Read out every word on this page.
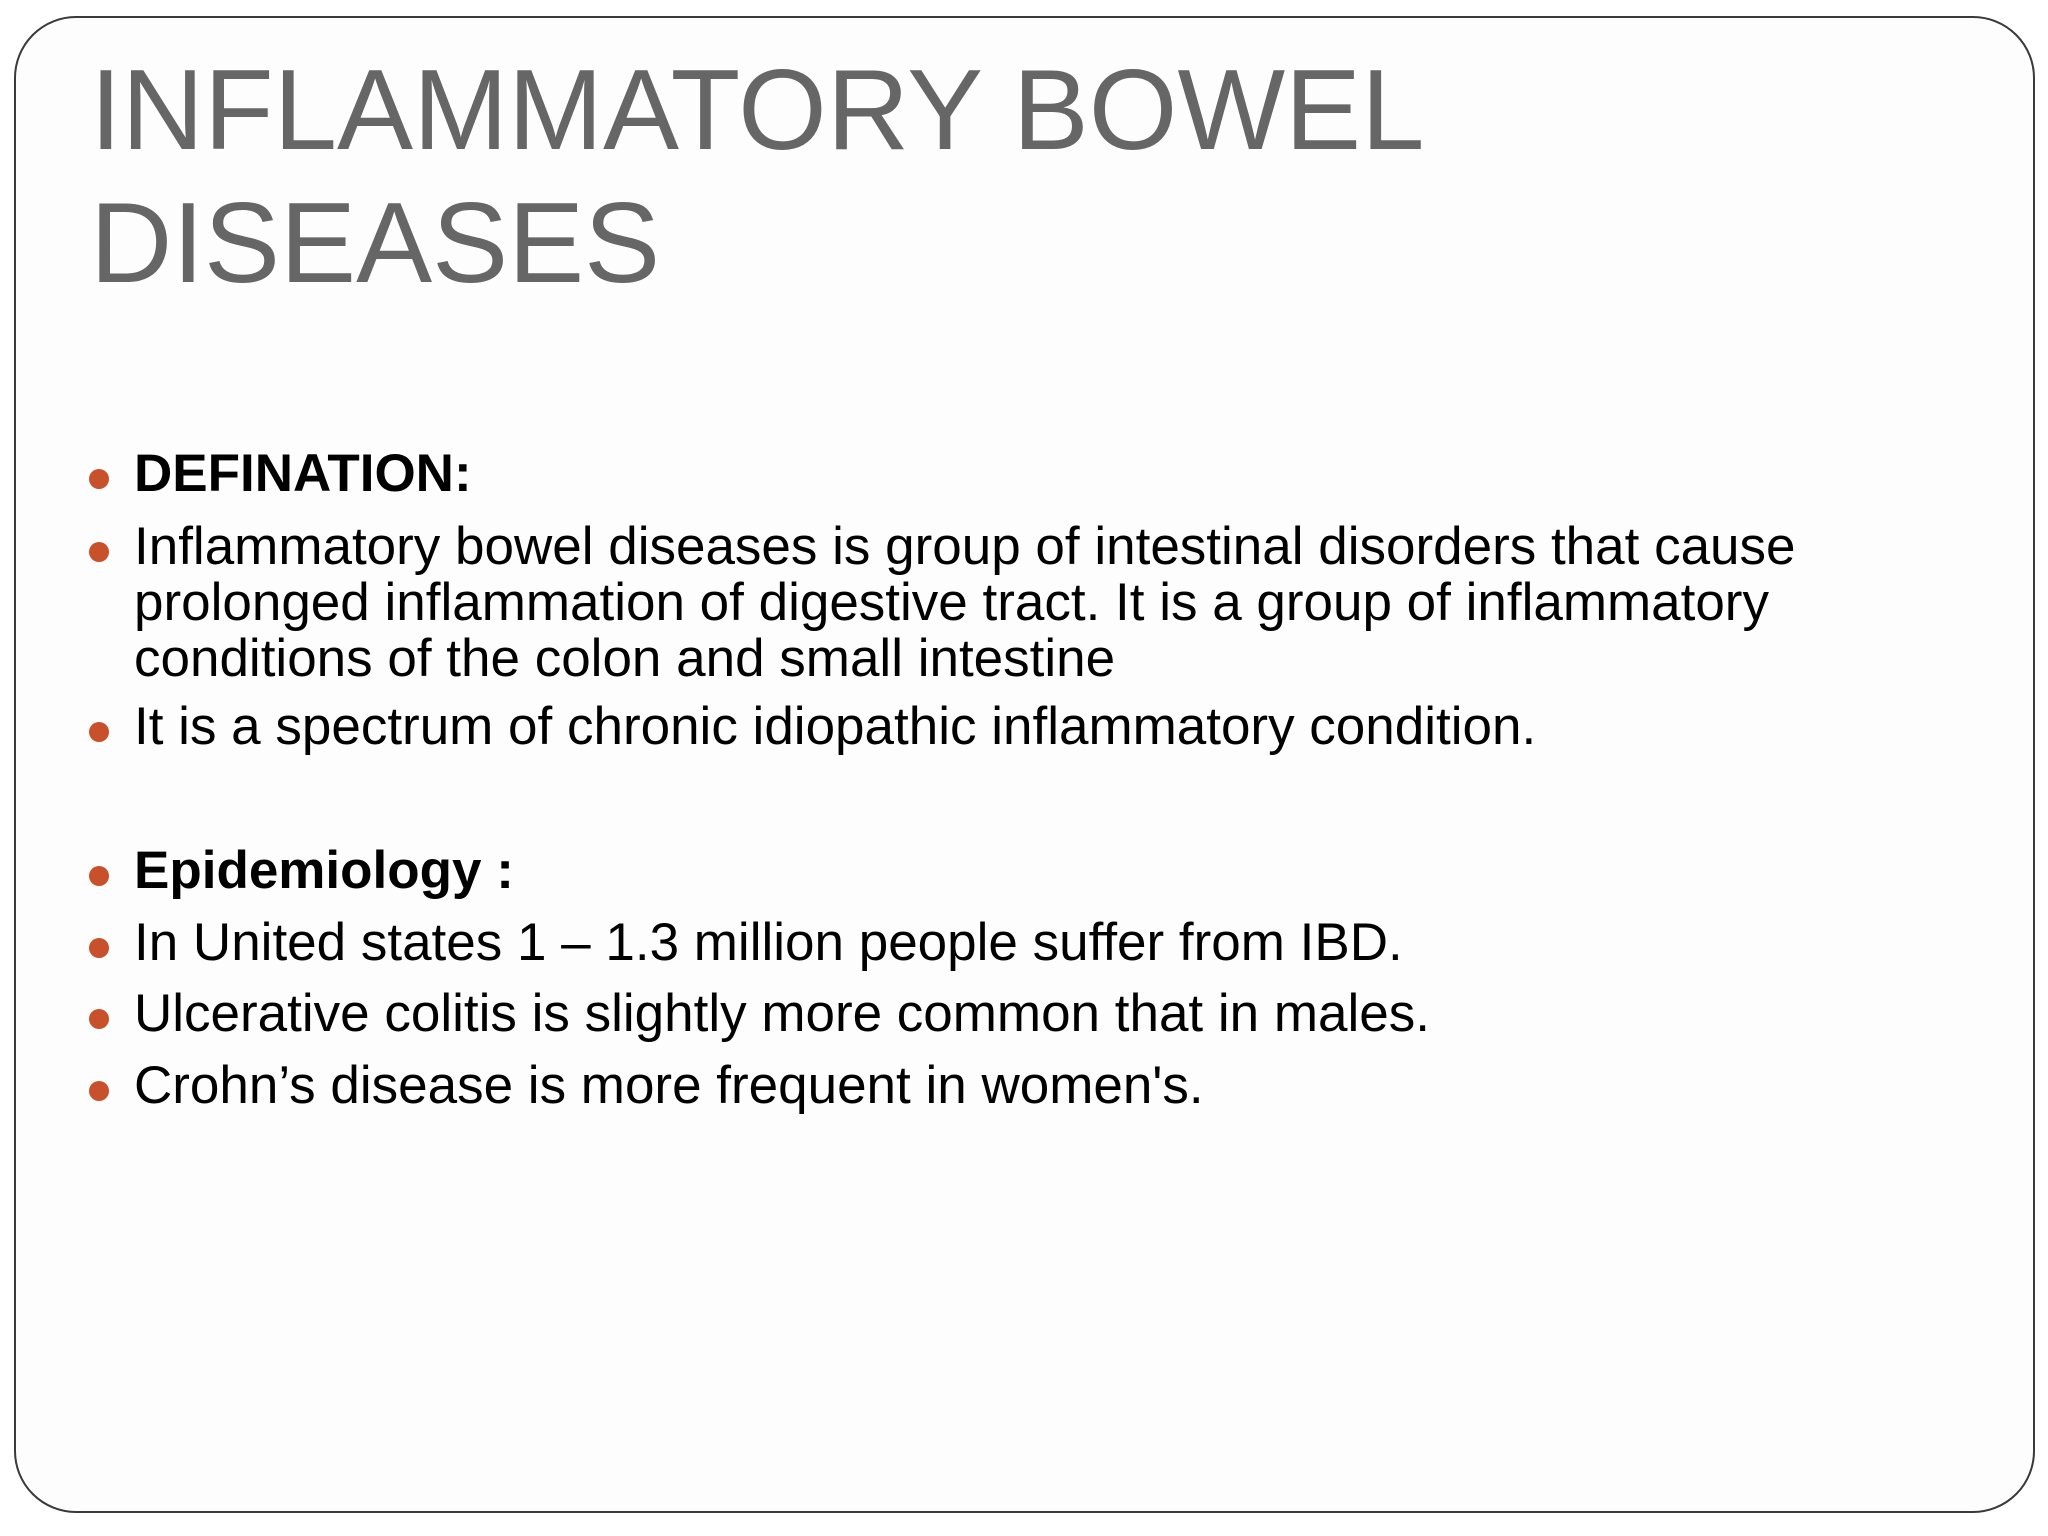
INFLAMMATORY BOWEL
DISEASES
DEFINATION:
Inflammatory bowel diseases is group of intestinal disorders that cause prolonged inflammation of digestive tract. It is a group of inflammatory conditions of the colon and small intestine
It is a spectrum of chronic idiopathic inflammatory condition.
Epidemiology :
In United states 1 – 1.3 million people suffer from IBD.
Ulcerative colitis is slightly more common that in males.
Crohn’s disease is more frequent in women's.
